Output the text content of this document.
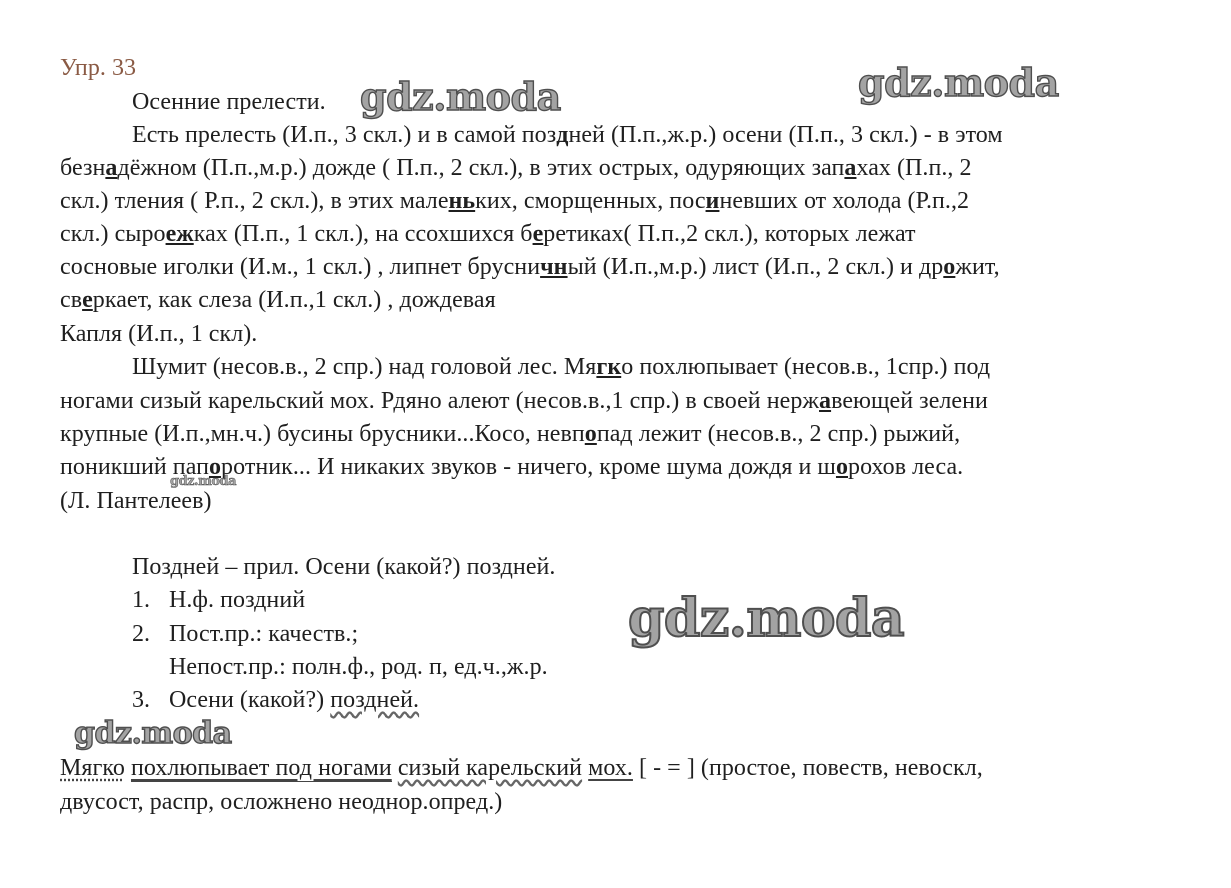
Упр. 33
Осенние прелести.
Есть прелесть (И.п., 3 скл.) и в самой поздней (П.п.,ж.р.) осени (П.п., 3 скл.) - в этом
безнадёжном (П.п.,м.р.) дожде ( П.п., 2 скл.), в этих острых, одуряющих запахах (П.п., 2
скл.) тления ( Р.п., 2 скл.), в этих маленьких, сморщенных, посиневших от холода (Р.п.,2
скл.) сыроежках (П.п., 1 скл.), на ссохшихся беретиках( П.п.,2 скл.), которых лежат
сосновые иголки (И.м., 1 скл.) , липнет брусничный (И.п.,м.р.) лист (И.п., 2 скл.) и дрожит,
сверкает, как слеза (И.п.,1 скл.) , дождевая
Капля (И.п., 1 скл).
Шумит (несов.в., 2 спр.) над головой лес. Мягко похлюпывает (несов.в., 1спр.) под
ногами сизый карельский мох. Рдяно алеют (несов.в.,1 спр.) в своей нержавеющей зелени
крупные (И.п.,мн.ч.) бусины брусники...Косо, невпопад лежит (несов.в., 2 спр.) рыжий,
поникший папоротник... И никаких звуков - ничего, кроме шума дождя и шорохов леса.
(Л. Пантелеев)
Поздней – прил. Осени (какой?) поздней.
1. Н.ф. поздний
2. Пост.пр.: качеств.;
Непост.пр.: полн.ф., род. п, ед.ч.,ж.р.
3. Осени (какой?) поздней.
Мягко похлюпывает под ногами сизый карельский мох. [ - = ] (простое, повеств, невоскл,
двусост, распр, осложнено неоднор.опред.)
gdz.moda	gdz.moda
gdz.moda
gdz.moda
gdz.moda
